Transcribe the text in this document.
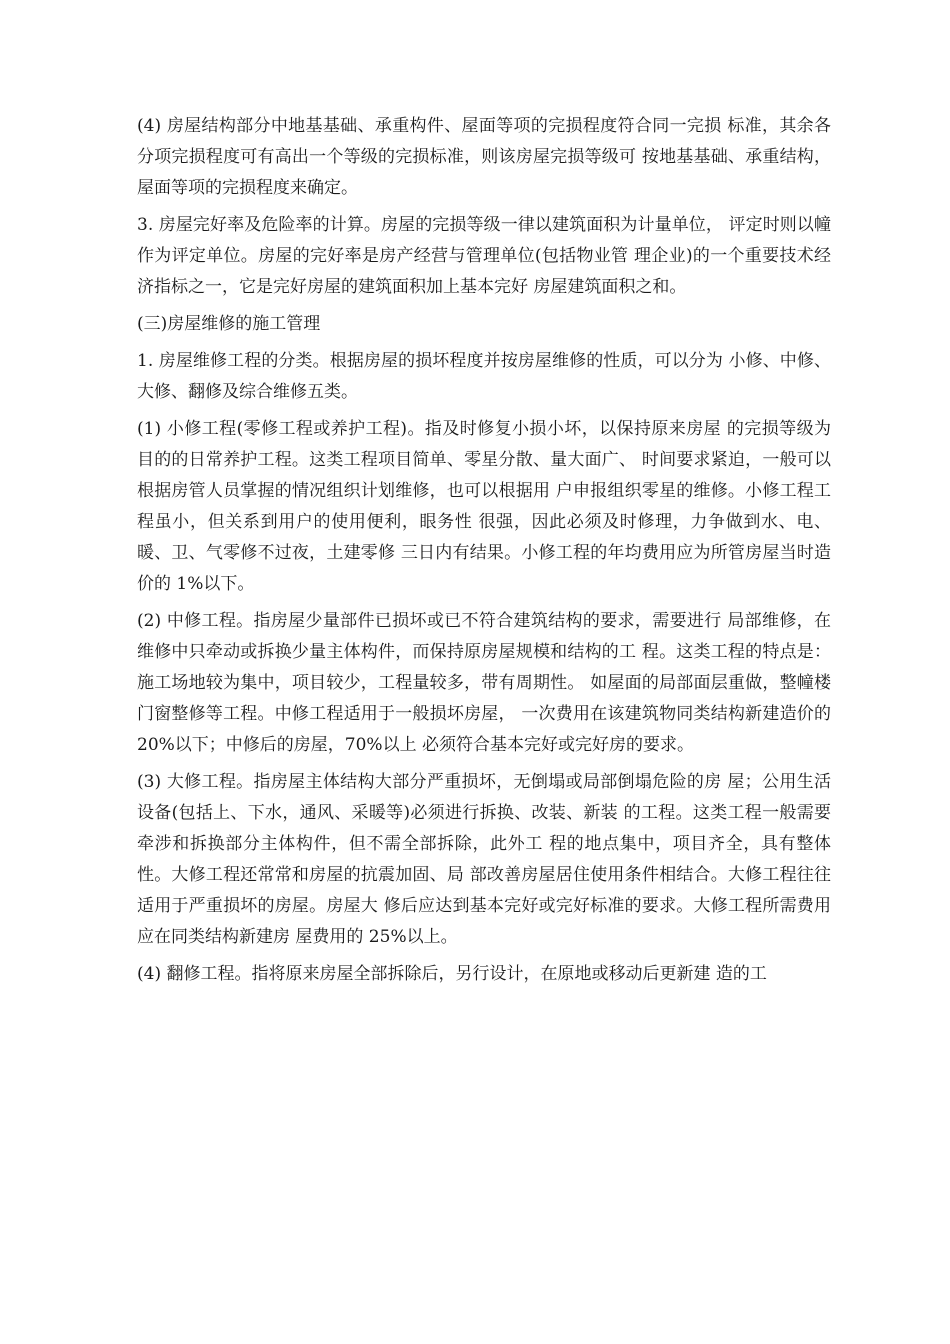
(4) 房屋结构部分中地基基础、承重构件、屋面等项的完损程度符合同一完损 标准，其余各分项完损程度可有高出一个等级的完损标准，则该房屋完损等级可 按地基基础、承重结构，屋面等项的完损程度来确定。

3. 房屋完好率及危险率的计算。房屋的完损等级一律以建筑面积为计量单位， 评定时则以幢作为评定单位。房屋的完好率是房产经营与管理单位(包括物业管 理企业)的一个重要技术经济指标之一，它是完好房屋的建筑面积加上基本完好 房屋建筑面积之和。

(三)房屋维修的施工管理

1. 房屋维修工程的分类。根据房屋的损坏程度并按房屋维修的性质，可以分为 小修、中修、大修、翻修及综合维修五类。

(1) 小修工程(零修工程或养护工程)。指及时修复小损小坏，以保持原来房屋 的完损等级为目的的日常养护工程。这类工程项目简单、零星分散、量大面广、 时间要求紧迫，一般可以根据房管人员掌握的情况组织计划维修，也可以根据用 户申报组织零星的维修。小修工程工程虽小，但关系到用户的使用便利，眼务性 很强，因此必须及时修理，力争做到水、电、暖、卫、气零修不过夜，土建零修 三日内有结果。小修工程的年均费用应为所管房屋当时造价的 1%以下。

(2) 中修工程。指房屋少量部件已损坏或已不符合建筑结构的要求，需要进行 局部维修，在维修中只牵动或拆换少量主体构件，而保持原房屋规模和结构的工 程。这类工程的特点是：施工场地较为集中，项目较少，工程量较多，带有周期性。 如屋面的局部面层重做，整幢楼门窗整修等工程。中修工程适用于一般损坏房屋， 一次费用在该建筑物同类结构新建造价的 20%以下；中修后的房屋，70%以上 必须符合基本完好或完好房的要求。

(3) 大修工程。指房屋主体结构大部分严重损坏，无倒塌或局部倒塌危险的房 屋；公用生活设备(包括上、下水，通风、采暖等)必须进行拆换、改装、新装 的工程。这类工程一般需要牵涉和拆换部分主体构件，但不需全部拆除，此外工 程的地点集中，项目齐全，具有整体性。大修工程还常常和房屋的抗震加固、局 部改善房屋居住使用条件相结合。大修工程往往适用于严重损坏的房屋。房屋大 修后应达到基本完好或完好标准的要求。大修工程所需费用应在同类结构新建房 屋费用的 25%以上。

(4) 翻修工程。指将原来房屋全部拆除后，另行设计，在原地或移动后更新建 造的工
